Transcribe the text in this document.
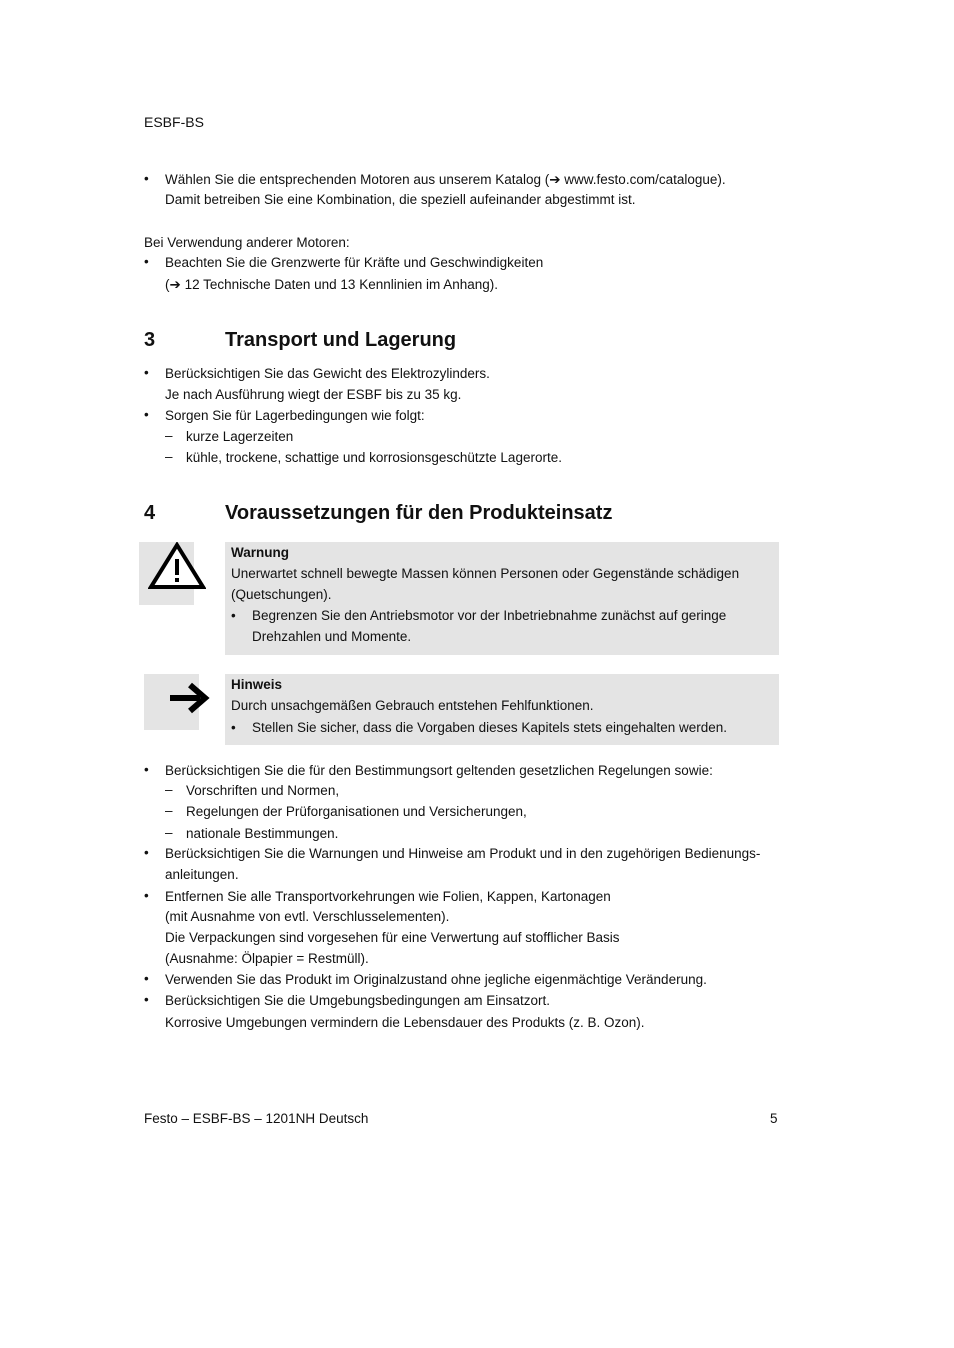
ESBF-BS
•	Wählen Sie die entsprechenden Motoren aus unserem Katalog (➔ www.festo.com/catalogue).
Damit betreiben Sie eine Kombination, die speziell aufeinander abgestimmt ist.
Bei Verwendung anderer Motoren:
•	Beachten Sie die Grenzwerte für Kräfte und Geschwindigkeiten
(➔ 12 Technische Daten und 13 Kennlinien im Anhang).
3	Transport und Lagerung
•	Berücksichtigen Sie das Gewicht des Elektrozylinders.
Je nach Ausführung wiegt der ESBF bis zu 35 kg.
•	Sorgen Sie für Lagerbedingungen wie folgt:
– kurze Lagerzeiten
– kühle, trockene, schattige und korrosionsgeschützte Lagerorte.
4	Voraussetzungen für den Produkteinsatz
Warnung
Unerwartet schnell bewegte Massen können Personen oder Gegenstände schädigen
(Quetschungen).
• Begrenzen Sie den Antriebsmotor vor der Inbetriebnahme zunächst auf geringe
Drehzahlen und Momente.
Hinweis
Durch unsachgemäßen Gebrauch entstehen Fehlfunktionen.
• Stellen Sie sicher, dass die Vorgaben dieses Kapitels stets eingehalten werden.
•	Berücksichtigen Sie die für den Bestimmungsort geltenden gesetzlichen Regelungen sowie:
– Vorschriften und Normen,
– Regelungen der Prüforganisationen und Versicherungen,
– nationale Bestimmungen.
•	Berücksichtigen Sie die Warnungen und Hinweise am Produkt und in den zugehörigen Bedienungs-
anleitungen.
•	Entfernen Sie alle Transportvorkehrungen wie Folien, Kappen, Kartonagen
(mit Ausnahme von evtl. Verschlusselementen).
Die Verpackungen sind vorgesehen für eine Verwertung auf stofflicher Basis
(Ausnahme: Ölpapier = Restmüll).
•	Verwenden Sie das Produkt im Originalzustand ohne jegliche eigenmächtige Veränderung.
•	Berücksichtigen Sie die Umgebungsbedingungen am Einsatzort.
Korrosive Umgebungen vermindern die Lebensdauer des Produkts (z. B. Ozon).
Festo – ESBF-BS – 1201NH Deutsch	5
